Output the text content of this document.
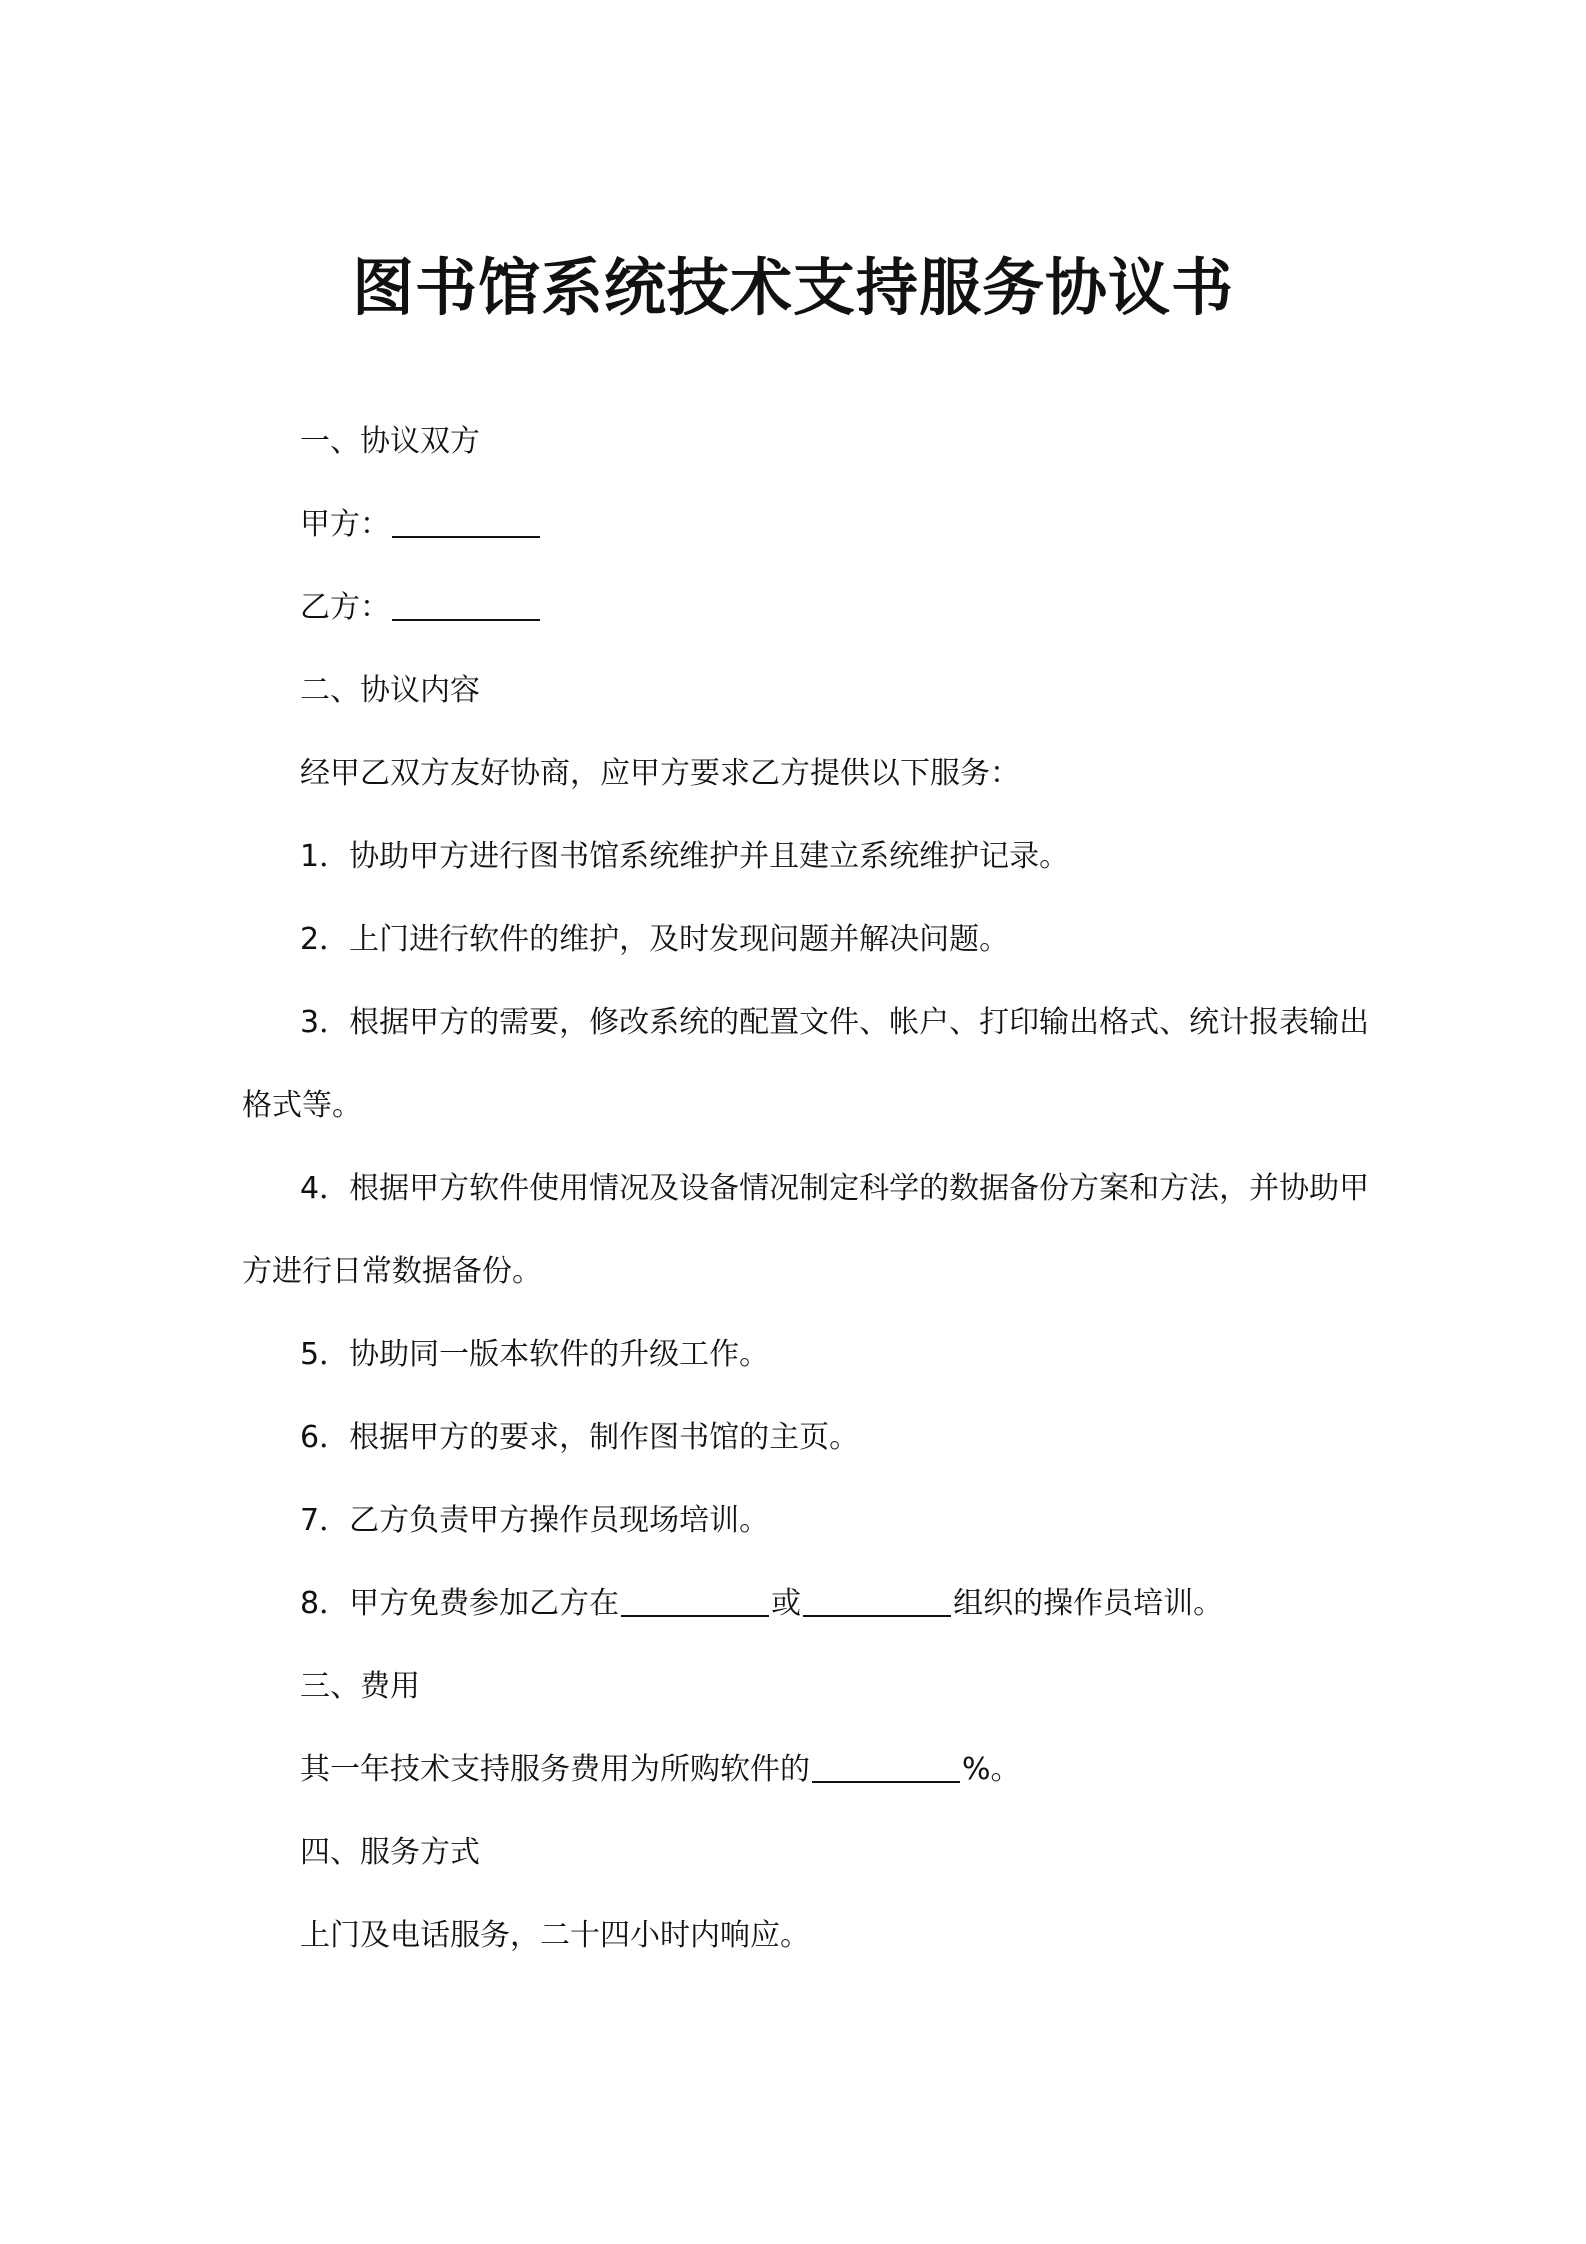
图书馆系统技术支持服务协议书
一、协议双方
甲方：
乙方：
二、协议内容
经甲乙双方友好协商，应甲方要求乙方提供以下服务：
1．协助甲方进行图书馆系统维护并且建立系统维护记录。
2．上门进行软件的维护，及时发现问题并解决问题。
3．根据甲方的需要，修改系统的配置文件、帐户、打印输出格式、统计报表输出
格式等。
4．根据甲方软件使用情况及设备情况制定科学的数据备份方案和方法，并协助甲
方进行日常数据备份。
5．协助同一版本软件的升级工作。
6．根据甲方的要求，制作图书馆的主页。
7．乙方负责甲方操作员现场培训。
8．甲方免费参加乙方在	或	组织的操作员培训。
三、费用
其一年技术支持服务费用为所购软件的	%。
四、服务方式
上门及电话服务，二十四小时内响应。
